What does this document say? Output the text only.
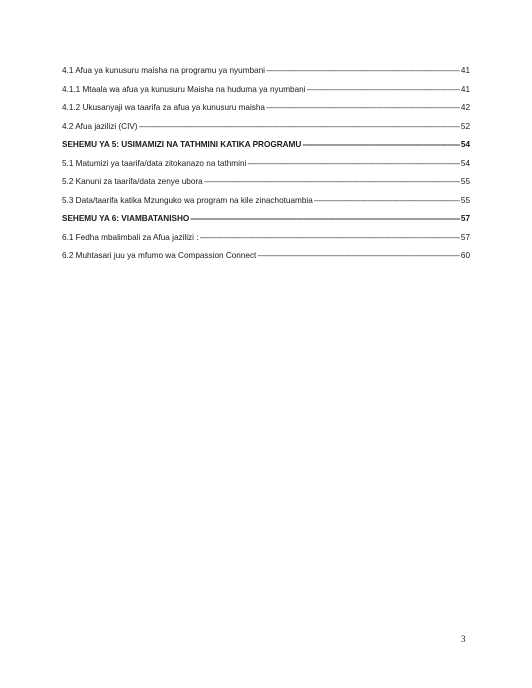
4.1 Afua ya kunusuru maisha na programu ya nyumbani -----	41
4.1.1 Mtaala wa afua ya kunusuru Maisha na huduma ya nyumbani -----	41
4.1.2 Ukusanyaji wa taarifa za afua ya kunusuru maisha -----	42
4.2 Afua jazilizi (CIV) -----	52
SEHEMU YA 5: USIMAMIZI NA TATHMINI KATIKA PROGRAMU -----	54
5.1 Matumizi ya taarifa/data zitokanazo na tathmini -----	54
5.2 Kanuni za taarifa/data zenye ubora -----	55
5.3 Data/taarifa katika Mzunguko wa program na kile zinachotuambia -----	55
SEHEMU YA 6: VIAMBATANISHO -----	57
6.1 Fedha mbalimbali za Afua jazilizi : -----	57
6.2 Muhtasari juu ya mfumo wa Compassion Connect -----	60
3
